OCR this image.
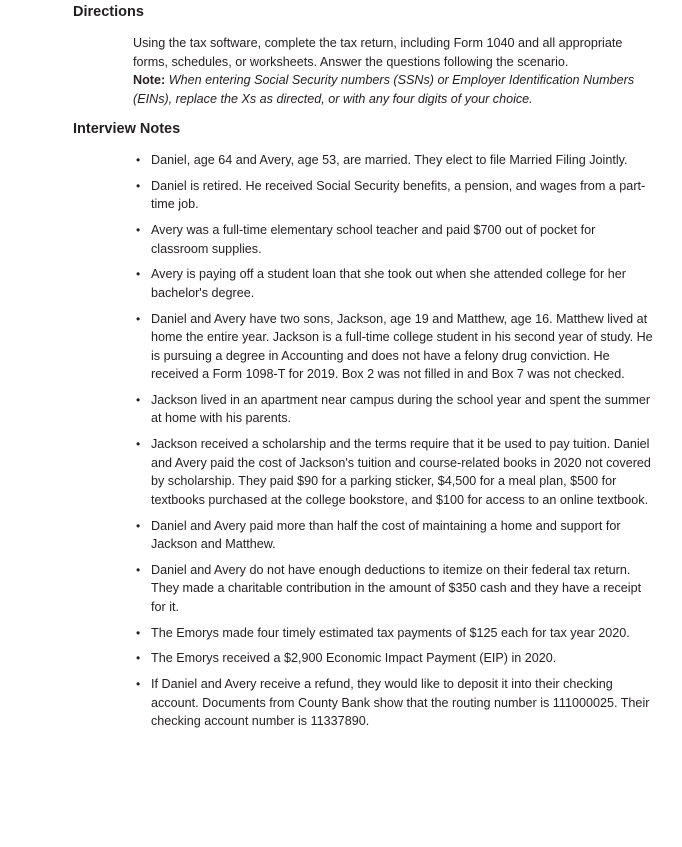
Directions

Using the tax software, complete the tax return, including Form 1040 and all appropriate forms, schedules, or worksheets. Answer the questions following the scenario.

Note: When entering Social Security numbers (SSNs) or Employer Identification Numbers (EINs), replace the Xs as directed, or with any four digits of your choice.

Interview Notes
• Daniel, age 64 and Avery, age 53, are married. They elect to file Married Filing Jointly.
• Daniel is retired. He received Social Security benefits, a pension, and wages from a part-time job.
• Avery was a full-time elementary school teacher and paid $700 out of pocket for classroom supplies.
• Avery is paying off a student loan that she took out when she attended college for her bachelor's degree.
• Daniel and Avery have two sons, Jackson, age 19 and Matthew, age 16. Matthew lived at home the entire year. Jackson is a full-time college student in his second year of study. He is pursuing a degree in Accounting and does not have a felony drug conviction. He received a Form 1098-T for 2019. Box 2 was not filled in and Box 7 was not checked.
• Jackson lived in an apartment near campus during the school year and spent the summer at home with his parents.
• Jackson received a scholarship and the terms require that it be used to pay tuition. Daniel and Avery paid the cost of Jackson's tuition and course-related books in 2020 not covered by scholarship. They paid $90 for a parking sticker, $4,500 for a meal plan, $500 for textbooks purchased at the college bookstore, and $100 for access to an online textbook.
• Daniel and Avery paid more than half the cost of maintaining a home and support for Jackson and Matthew.
• Daniel and Avery do not have enough deductions to itemize on their federal tax return. They made a charitable contribution in the amount of $350 cash and they have a receipt for it.
• The Emorys made four timely estimated tax payments of $125 each for tax year 2020.
• The Emorys received a $2,900 Economic Impact Payment (EIP) in 2020.
• If Daniel and Avery receive a refund, they would like to deposit it into their checking account. Documents from County Bank show that the routing number is 111000025. Their checking account number is 11337890.
